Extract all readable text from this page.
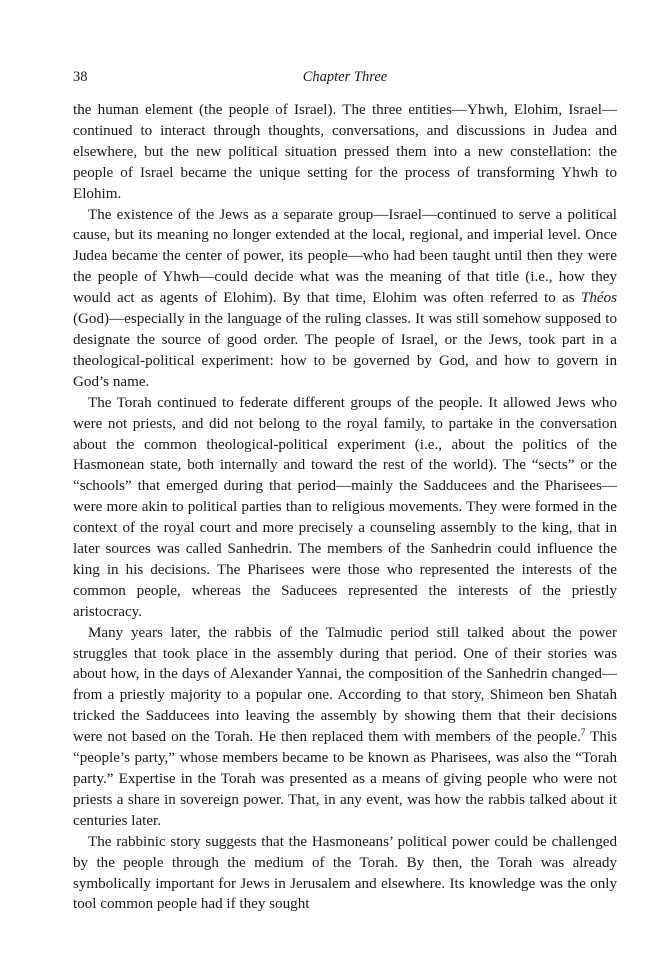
38	Chapter Three

the human element (the people of Israel). The three entities—Yhwh, Elohim, Israel—continued to interact through thoughts, conversations, and discussions in Judea and elsewhere, but the new political situation pressed them into a new constellation: the people of Israel became the unique setting for the process of transforming Yhwh to Elohim.

The existence of the Jews as a separate group—Israel—continued to serve a political cause, but its meaning no longer extended at the local, regional, and imperial level. Once Judea became the center of power, its people—who had been taught until then they were the people of Yhwh—could decide what was the meaning of that title (i.e., how they would act as agents of Elohim). By that time, Elohim was often referred to as Théos (God)—especially in the language of the ruling classes. It was still somehow supposed to designate the source of good order. The people of Israel, or the Jews, took part in a theological-political experiment: how to be governed by God, and how to govern in God’s name.

The Torah continued to federate different groups of the people. It allowed Jews who were not priests, and did not belong to the royal family, to partake in the conversation about the common theological-political experiment (i.e., about the politics of the Hasmonean state, both internally and toward the rest of the world). The “sects” or the “schools” that emerged during that period—mainly the Sadducees and the Pharisees—were more akin to political parties than to religious movements. They were formed in the context of the royal court and more precisely a counseling assembly to the king, that in later sources was called Sanhedrin. The members of the Sanhedrin could influence the king in his decisions. The Pharisees were those who represented the interests of the common people, whereas the Saducees represented the interests of the priestly aristocracy.

Many years later, the rabbis of the Talmudic period still talked about the power struggles that took place in the assembly during that period. One of their stories was about how, in the days of Alexander Yannai, the composition of the Sanhedrin changed—from a priestly majority to a popular one. According to that story, Shimeon ben Shatah tricked the Sadducees into leaving the assembly by showing them that their decisions were not based on the Torah. He then replaced them with members of the people.$^7$ This “people’s party,” whose members became to be known as Pharisees, was also the “Torah party.” Expertise in the Torah was presented as a means of giving people who were not priests a share in sovereign power. That, in any event, was how the rabbis talked about it centuries later.

The rabbinic story suggests that the Hasmoneans’ political power could be challenged by the people through the medium of the Torah. By then, the Torah was already symbolically important for Jews in Jerusalem and elsewhere. Its knowledge was the only tool common people had if they sought
